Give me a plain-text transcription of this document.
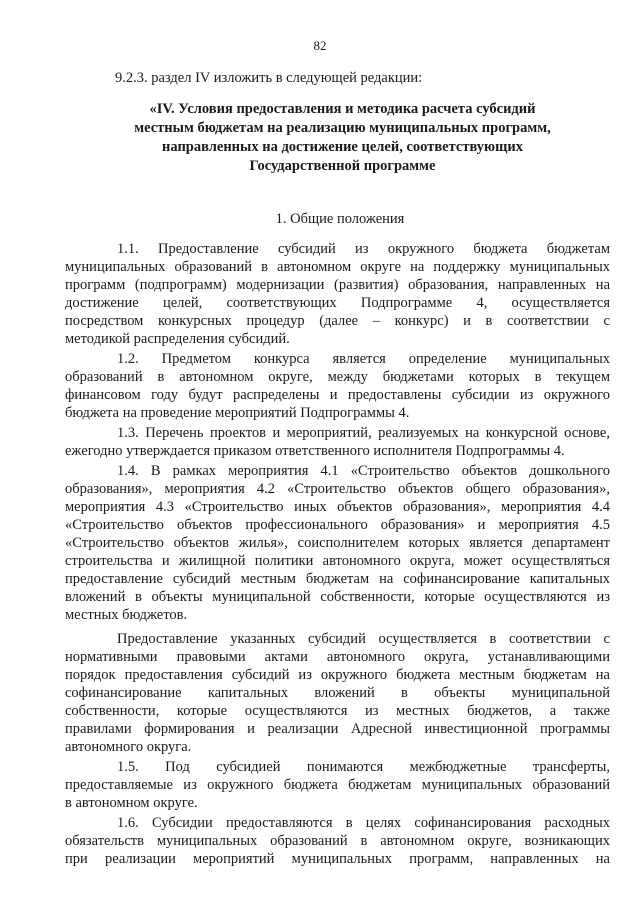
82
9.2.3. раздел IV изложить в следующей редакции:
«IV. Условия предоставления и методика расчета субсидий
местным бюджетам на реализацию муниципальных программ,
направленных на достижение целей, соответствующих
Государственной программе
1. Общие положения
1.1. Предоставление субсидий из окружного бюджета бюджетам
муниципальных образований в автономном округе на поддержку муниципальных
программ (подпрограмм) модернизации (развития) образования, направленных на
достижение целей, соответствующих Подпрограмме 4, осуществляется
посредством конкурсных процедур (далее – конкурс) и в соответствии с
методикой распределения субсидий.
1.2. Предметом конкурса является определение муниципальных
образований в автономном округе, между бюджетами которых в текущем
финансовом году будут распределены и предоставлены субсидии из окружного
бюджета на проведение мероприятий Подпрограммы 4.
1.3. Перечень проектов и мероприятий, реализуемых на конкурсной основе,
ежегодно утверждается приказом ответственного исполнителя Подпрограммы 4.
1.4. В рамках мероприятия 4.1 «Строительство объектов дошкольного
образования», мероприятия 4.2 «Строительство объектов общего образования»,
мероприятия 4.3 «Строительство иных объектов образования», мероприятия 4.4
«Строительство объектов профессионального образования» и мероприятия 4.5
«Строительство объектов жилья», соисполнителем которых является департамент
строительства и жилищной политики автономного округа, может осуществляться
предоставление субсидий местным бюджетам на софинансирование капитальных
вложений в объекты муниципальной собственности, которые осуществляются из
местных бюджетов.
Предоставление указанных субсидий осуществляется в соответствии с
нормативными правовыми актами автономного округа, устанавливающими
порядок предоставления субсидий из окружного бюджета местным бюджетам на
софинансирование капитальных вложений в объекты муниципальной
собственности, которые осуществляются из местных бюджетов, а также
правилами формирования и реализации Адресной инвестиционной программы
автономного округа.
1.5. Под субсидией понимаются межбюджетные трансферты,
предоставляемые из окружного бюджета бюджетам муниципальных образований
в автономном округе.
1.6. Субсидии предоставляются в целях софинансирования расходных
обязательств муниципальных образований в автономном округе, возникающих
при реализации мероприятий муниципальных программ, направленных на
